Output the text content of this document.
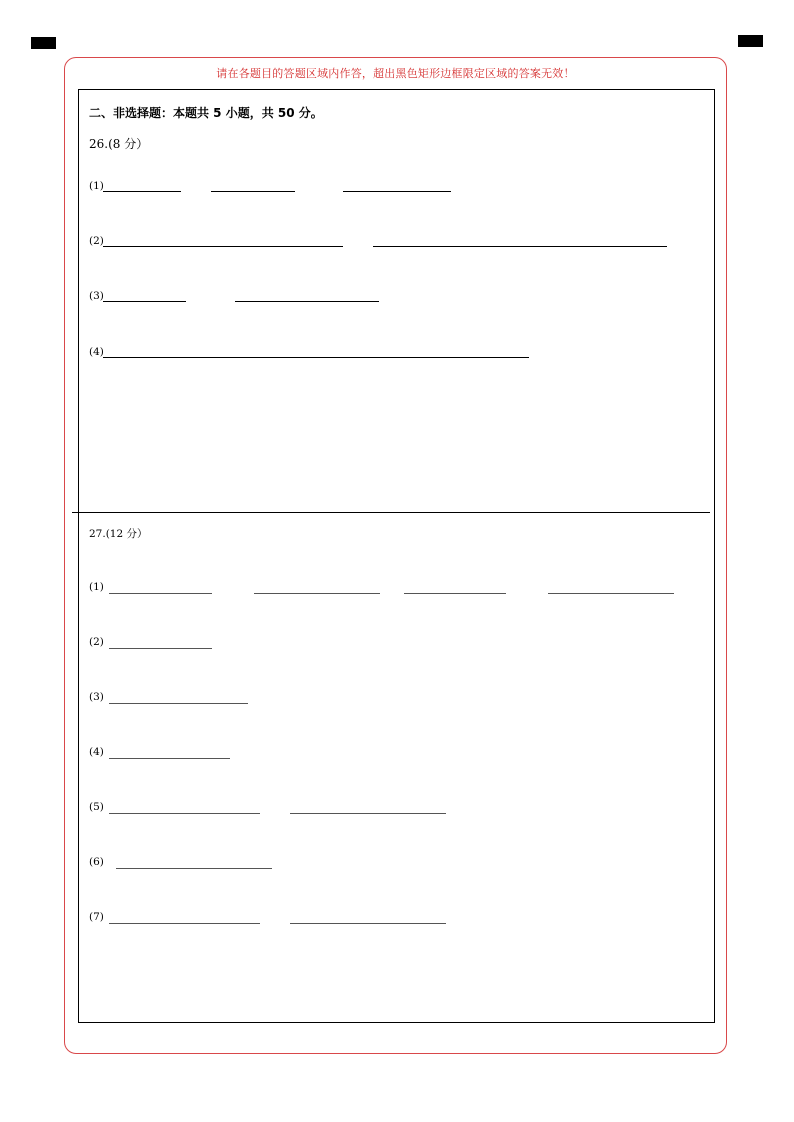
请在各题目的答题区域内作答，超出黑色矩形边框限定区域的答案无效！
二、非选择题：本题共 5 小题，共 50 分。
26.(8 分）
(1)
(2)
(3)
(4)
27.(12 分）
(1)
(2)
(3)
(4)
(5)
(6)
(7)
